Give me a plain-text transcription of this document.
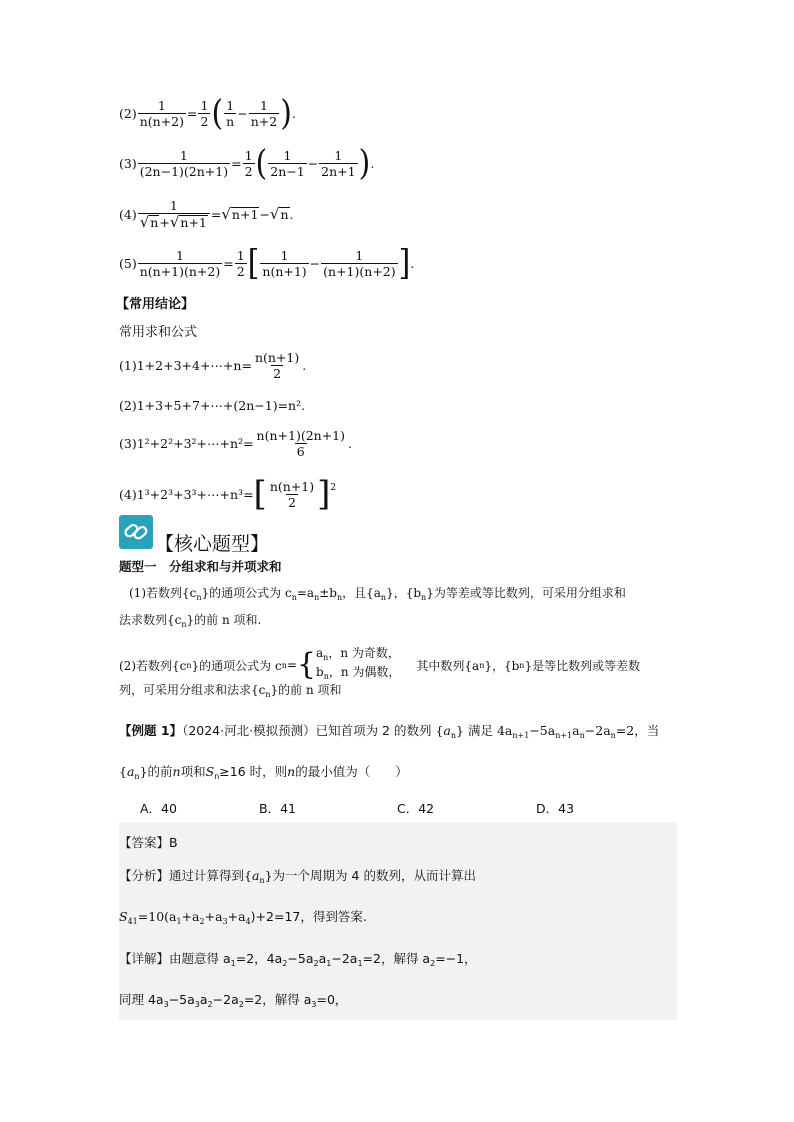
$(2) \frac{1}{n(n+2)} = \frac{1}{2}$ ( $\frac{1}{n} - \frac{1}{n+2}$ ) .
$(3) \frac{1}{(2n-1)(2n+1)} = \frac{1}{2}$ ( $\frac{1}{2n-1} - \frac{1}{2n+1}$ ) .
$(4) \frac{1}{√ n + √ n+1}$ = √ n+1 − √ n .
$(5) \frac{1}{n(n+1)(n+2)} = \frac{1}{2}$ [ $\frac{1}{n(n+1)} - \frac{1}{(n+1)(n+2)}$ ] .
【常用结论】
常用求和公式
(1) 1+2+3+4+⋯+n= $\frac{n(n+1)}{2}$ .
(2)1+3+5+7+⋯+(2n−1)=n².
(3) 1²+2²+3²+⋯+n²= $\frac{n(n+1)(2n+1)}{6}$ .
(4) 1³+2³+3³+⋯+n³= [ $\frac{n(n+1)}{2}$ ] 2
【核心题型】
题型一　分组求和与并项求和
(1)若数列$\{c_n\}$的通项公式为 $c_n=a_n\pm b_n$，且$\{a_n\}$，$\{b_n\}$为等差或等比数列，可采用分组求和
法求数列$\{c_n\}$的前 n 项和.
(2)若数列{c n }的通项公式为 c n = { $a_n$，n 为奇数，
$b_n$，n 为偶数， 其中数列{a n }，{b n }是等比数列或等差数
列，可采用分组求和法求$\{c_n\}$的前 n 项和
【例题 1】（2024·河北·模拟预测）已知首项为 2 的数列 $\{a_n\}$ 满足 $4a_{n+1}-5a_{n+1}a_n-2a_n=2$，当
$\{a_n\}$的前n项和$S_n\ge 16$ 时，则n的最小值为（　　）
A．40	B．41	C．42	D．43
【答案】B
【分析】通过计算得到$\{a_n\}$为一个周期为 4 的数列，从而计算出
$S_{41}=10(a_1+a_2+a_3+a_4)+2=17$，得到答案.
【详解】由题意得 $a_1=2$，$4a_2-5a_2a_1-2a_1=2$，解得 $a_2=-1$，
同理 $4a_3-5a_3a_2-2a_2=2$，解得 $a_3=0$，
